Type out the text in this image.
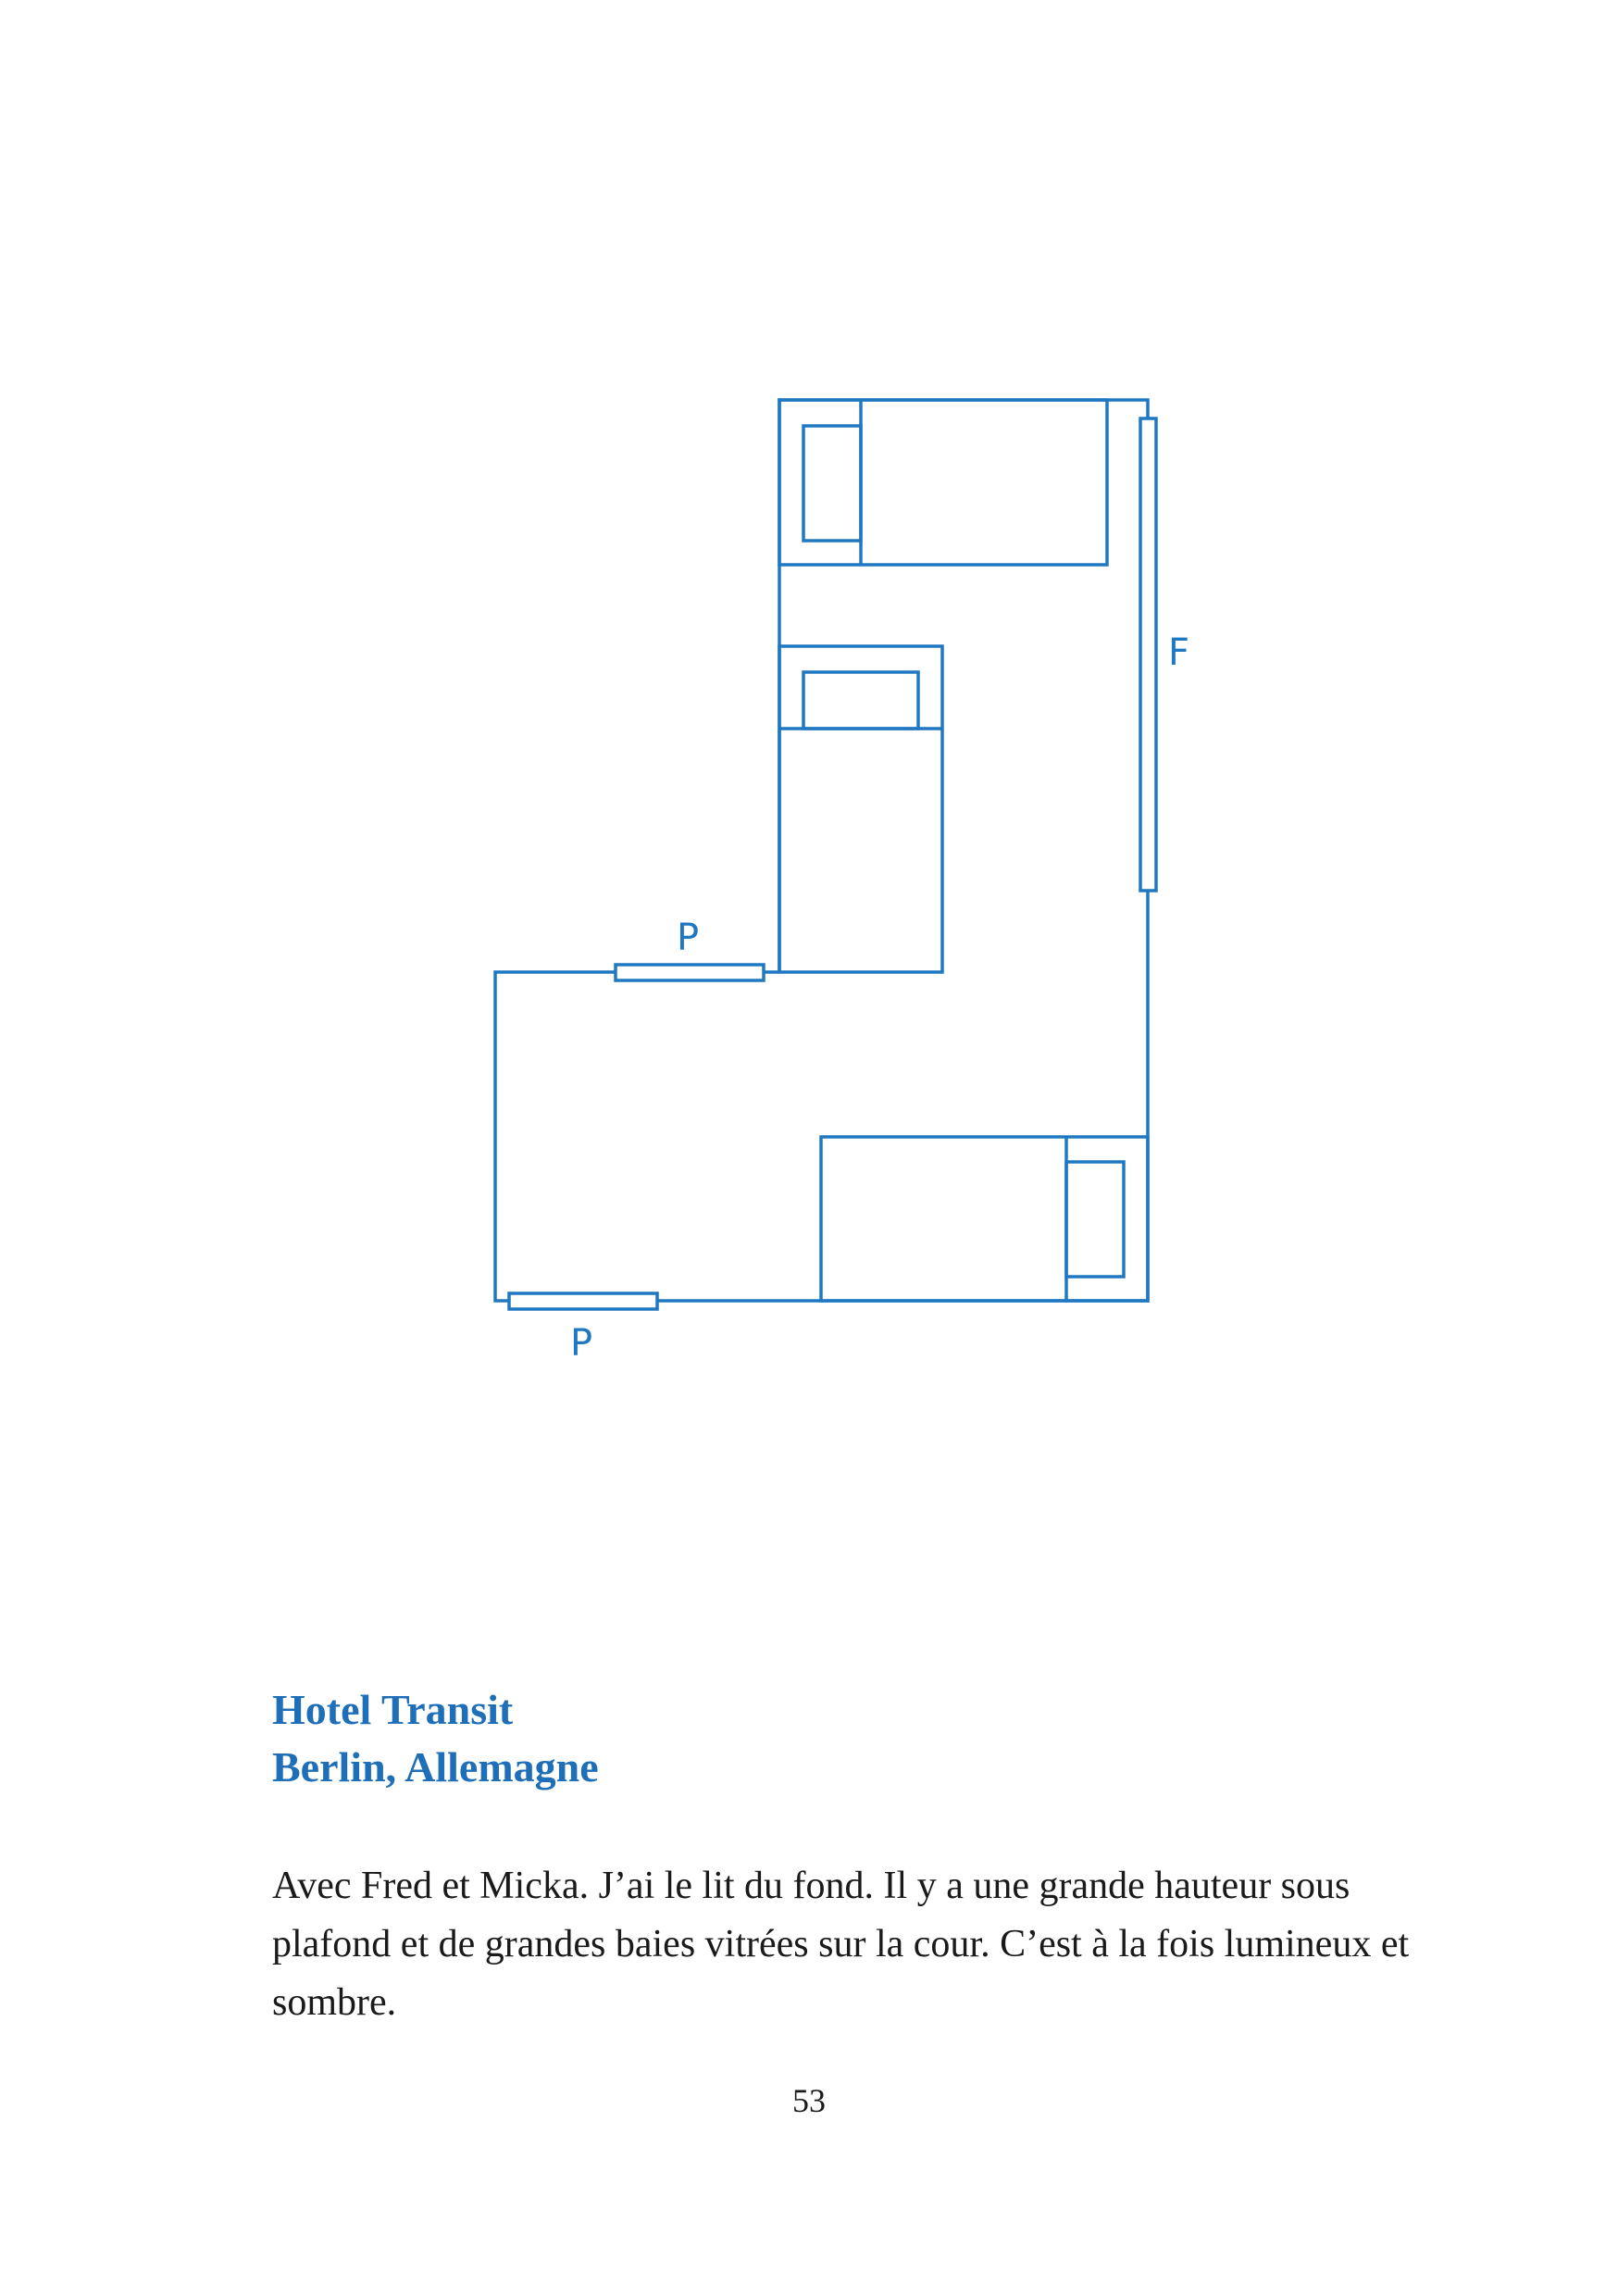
F
P
P
Hotel Transit
Berlin, Allemagne

Avec Fred et Micka. J’ai le lit du fond. Il y a une grande hauteur sous plafond et de grandes baies vitrées sur la cour. C’est à la fois lumineux et sombre.

53
